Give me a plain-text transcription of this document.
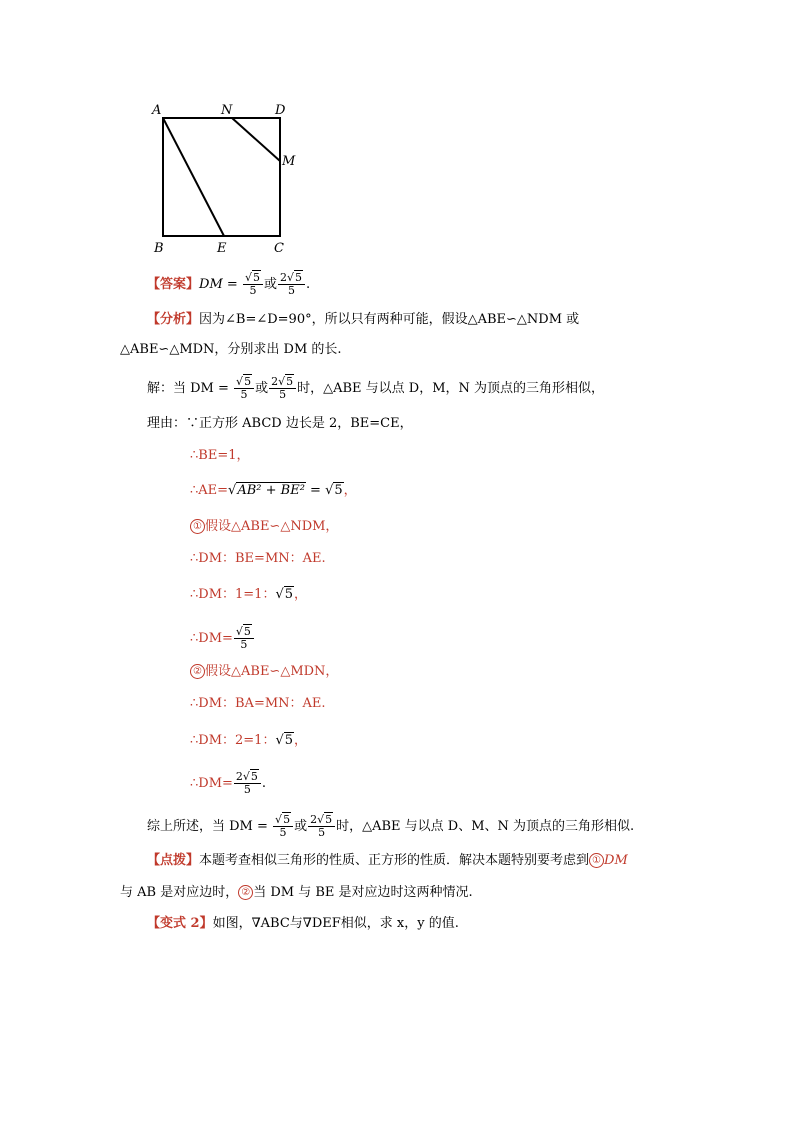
A	N	D
M
B	E	C
【答案】DM = $\frac{√5}{5}$ 或 $\frac{2√5}{5}$ .
【分析】因为∠B=∠D=90°，所以只有两种可能，假设△ABE∽△NDM 或
△ABE∽△MDN，分别求出 DM 的长.
解：当 DM = $\frac{√5}{5}$ 或 $\frac{2√5}{5}$ 时，△ABE 与以点 D，M，N 为顶点的三角形相似，
理由：∵正方形 ABCD 边长是 2，BE=CE，
∴BE=1，
∴AE=√AB² + BE² = √5，
① 假设△ABE∽△NDM，
∴DM：BE=MN：AE.
∴DM：1=1：√5，
∴DM= $\frac{√5}{5}$
② 假设△ABE∽△MDN，
∴DM：BA=MN：AE.
∴DM：2=1：√5，
∴DM= $\frac{2√5}{5}$ .
综上所述，当 DM = $\frac{√5}{5}$ 或 $\frac{2√5}{5}$ 时，△ABE 与以点 D、M、N 为顶点的三角形相似.
【点拨】本题考查相似三角形的性质、正方形的性质．解决本题特别要考虑到 ① DM
与 AB 是对应边时， ② 当 DM 与 BE 是对应边时这两种情况.
【变式 2】如图，∇ABC与∇DEF相似，求 x，y 的值.
